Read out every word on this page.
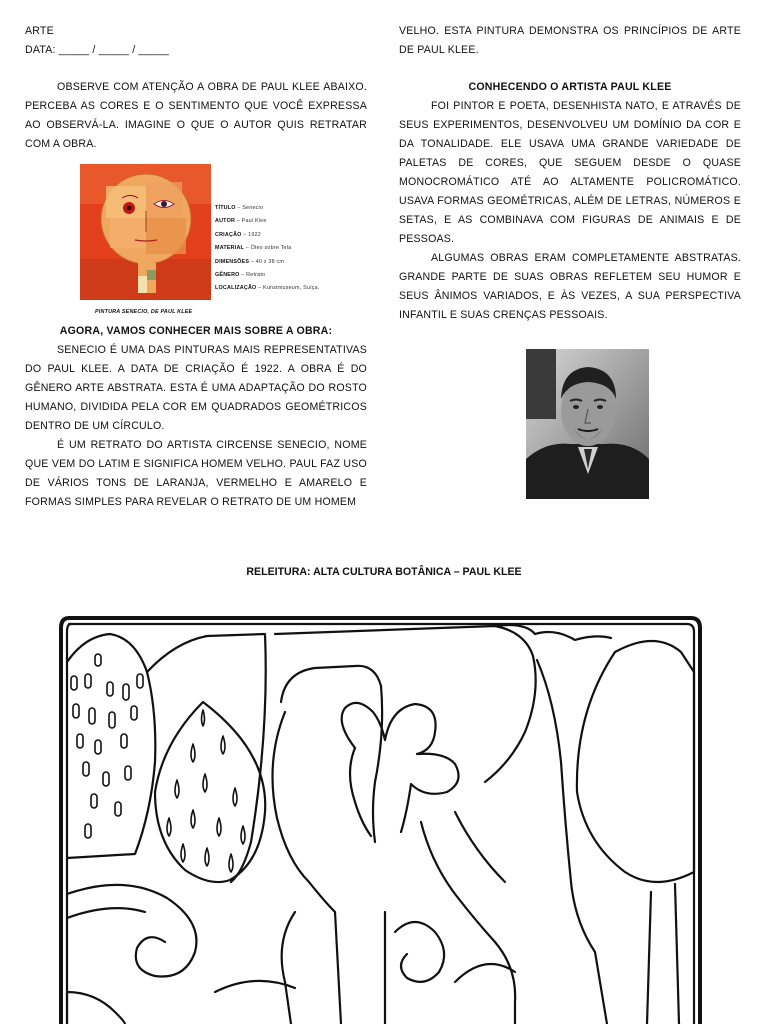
ARTE

DATA: _____ / _____ / _____

OBSERVE COM ATENÇÃO A OBRA DE PAUL KLEE ABAIXO. PERCEBA AS CORES E O SENTIMENTO QUE VOCÊ EXPRESSA AO OBSERVÁ-LA. IMAGINE O QUE O AUTOR QUIS RETRATAR COM A OBRA.

TÍTULO – Senecio
AUTOR – Paul Klee
CRIAÇÃO – 1922
MATERIAL – Óleo sobre Tela
DIMENSÕES – 40 x 38 cm
GÊNERO – Retrato
LOCALIZAÇÃO – Kunstmuseum, Suíça.
PINTURA SENECIO, DE PAUL KLEE

AGORA, VAMOS CONHECER MAIS SOBRE A OBRA:

SENECIO É UMA DAS PINTURAS MAIS REPRESENTATIVAS DO PAUL KLEE. A DATA DE CRIAÇÃO É 1922. A OBRA É DO GÊNERO ARTE ABSTRATA. ESTA É UMA ADAPTAÇÃO DO ROSTO HUMANO, DIVIDIDA PELA COR EM QUADRADOS GEOMÉTRICOS DENTRO DE UM CÍRCULO.

É UM RETRATO DO ARTISTA CIRCENSE SENECIO, NOME QUE VEM DO LATIM E SIGNIFICA HOMEM VELHO. PAUL FAZ USO DE VÁRIOS TONS DE LARANJA, VERMELHO E AMARELO E FORMAS SIMPLES PARA REVELAR O RETRATO DE UM HOMEM

VELHO. ESTA PINTURA DEMONSTRA OS PRINCÍPIOS DE ARTE DE PAUL KLEE.

CONHECENDO O ARTISTA PAUL KLEE

FOI PINTOR E POETA, DESENHISTA NATO, E ATRAVÉS DE SEUS EXPERIMENTOS, DESENVOLVEU UM DOMÍNIO DA COR E DA TONALIDADE. ELE USAVA UMA GRANDE VARIEDADE DE PALETAS DE CORES, QUE SEGUEM DESDE O QUASE MONOCROMÁTICO ATÉ AO ALTAMENTE POLICROMÁTICO. USAVA FORMAS GEOMÉTRICAS, ALÉM DE LETRAS, NÚMEROS E SETAS, E AS COMBINAVA COM FIGURAS DE ANIMAIS E DE PESSOAS.

ALGUMAS OBRAS ERAM COMPLETAMENTE ABSTRATAS. GRANDE PARTE DE SUAS OBRAS REFLETEM SEU HUMOR E SEUS ÂNIMOS VARIADOS, E ÀS VEZES, A SUA PERSPECTIVA INFANTIL E SUAS CRENÇAS PESSOAIS.

RELEITURA: ALTA CULTURA BOTÂNICA – PAUL KLEE
